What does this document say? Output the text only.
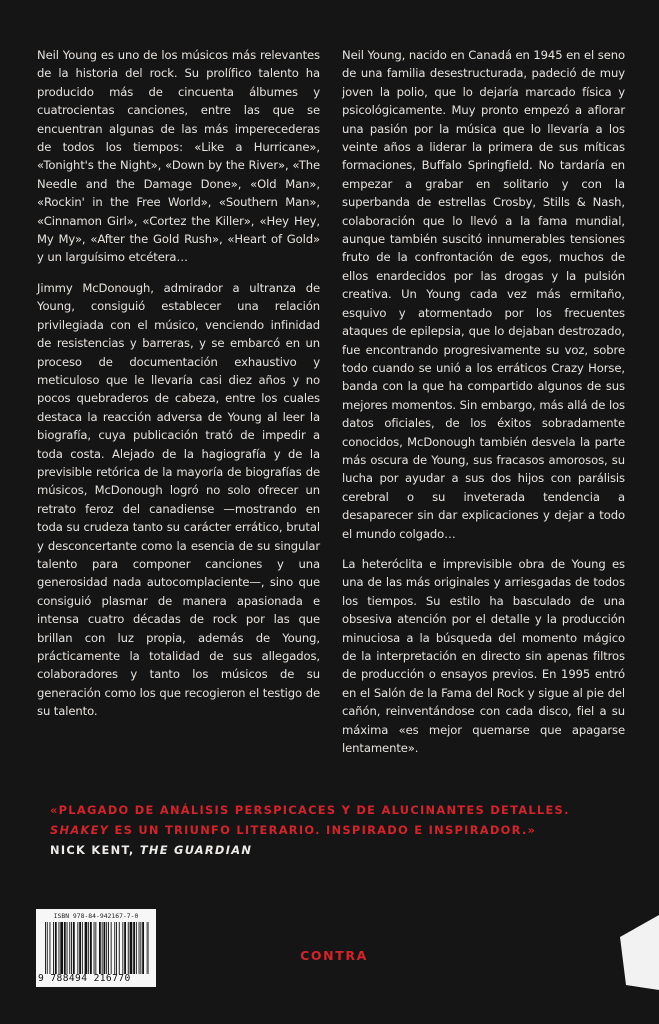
Neil Young es uno de los músicos más relevantes de la historia del rock. Su prolífico talento ha producido más de cincuenta álbumes y cuatrocientas canciones, entre las que se encuentran algunas de las más imperecederas de todos los tiempos: «Like a Hurricane», «Tonight's the Night», «Down by the River», «The Needle and the Damage Done», «Old Man», «Rockin' in the Free World», «Southern Man», «Cinnamon Girl», «Cortez the Killer», «Hey Hey, My My», «After the Gold Rush», «Heart of Gold» y un larguísimo etcétera…

Jimmy McDonough, admirador a ultranza de Young, consiguió establecer una relación privilegiada con el músico, venciendo infinidad de resistencias y barreras, y se embarcó en un proceso de documentación exhaustivo y meticuloso que le llevaría casi diez años y no pocos quebraderos de cabeza, entre los cuales destaca la reacción adversa de Young al leer la biografía, cuya publicación trató de impedir a toda costa. Alejado de la hagiografía y de la previsible retórica de la mayoría de biografías de músicos, McDonough logró no solo ofrecer un retrato feroz del canadiense —mostrando en toda su crudeza tanto su carácter errático, brutal y desconcertante como la esencia de su singular talento para componer canciones y una generosidad nada autocomplaciente—, sino que consiguió plasmar de manera apasionada e intensa cuatro décadas de rock por las que brillan con luz propia, además de Young, prácticamente la totalidad de sus allegados, colaboradores y tanto los músicos de su generación como los que recogieron el testigo de su talento.

Neil Young, nacido en Canadá en 1945 en el seno de una familia desestructurada, padeció de muy joven la polio, que lo dejaría marcado física y psicológicamente. Muy pronto empezó a aflorar una pasión por la música que lo llevaría a los veinte años a liderar la primera de sus míticas formaciones, Buffalo Springfield. No tardaría en empezar a grabar en solitario y con la superbanda de estrellas Crosby, Stills & Nash, colaboración que lo llevó a la fama mundial, aunque también suscitó innumerables tensiones fruto de la confrontación de egos, muchos de ellos enardecidos por las drogas y la pulsión creativa. Un Young cada vez más ermitaño, esquivo y atormentado por los frecuentes ataques de epilepsia, que lo dejaban destrozado, fue encontrando progresivamente su voz, sobre todo cuando se unió a los erráticos Crazy Horse, banda con la que ha compartido algunos de sus mejores momentos. Sin embargo, más allá de los datos oficiales, de los éxitos sobradamente conocidos, McDonough también desvela la parte más oscura de Young, sus fracasos amorosos, su lucha por ayudar a sus dos hijos con parálisis cerebral o su inveterada tendencia a desaparecer sin dar explicaciones y dejar a todo el mundo colgado…

La heteróclita e imprevisible obra de Young es una de las más originales y arriesgadas de todos los tiempos. Su estilo ha basculado de una obsesiva atención por el detalle y la producción minuciosa a la búsqueda del momento mágico de la interpretación en directo sin apenas filtros de producción o ensayos previos. En 1995 entró en el Salón de la Fama del Rock y sigue al pie del cañón, reinventándose con cada disco, fiel a su máxima «es mejor quemarse que apagarse lentamente».

«PLAGADO DE ANÁLISIS PERSPICACES Y DE ALUCINANTES DETALLES.
SHAKEY ES UN TRIUNFO LITERARIO. INSPIRADO E INSPIRADOR.»
NICK KENT, THE GUARDIAN
ISBN 978-84-942167-7-0
9 788494 216770
CONTRA
